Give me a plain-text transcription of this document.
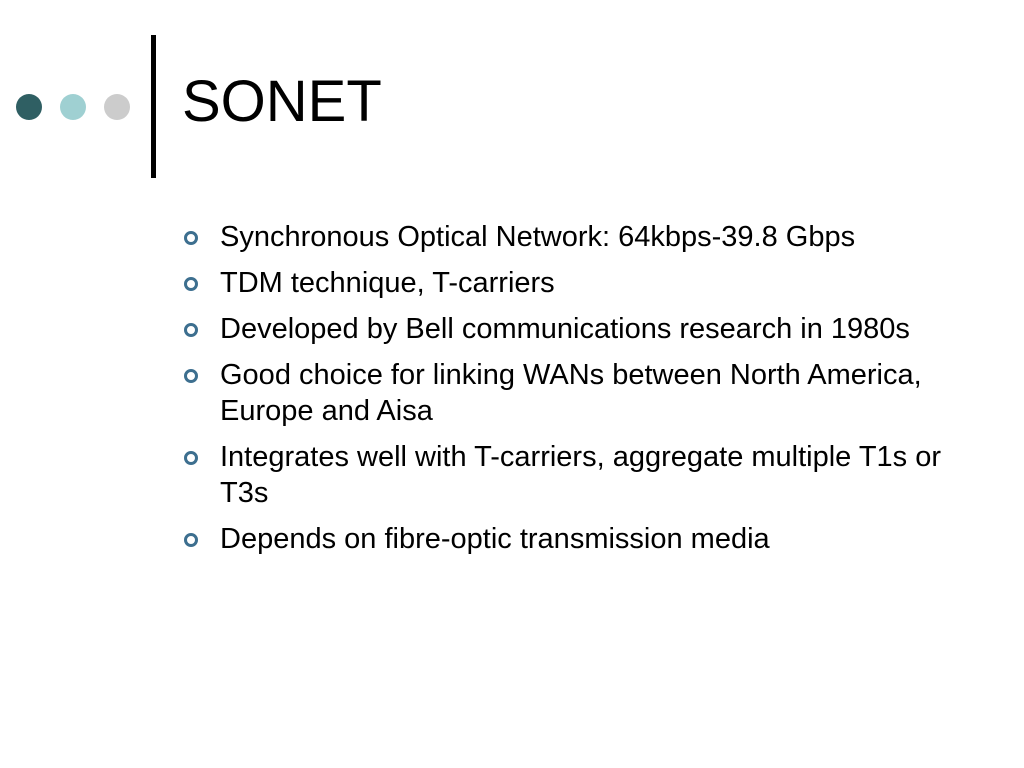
SONET
Synchronous Optical Network: 64kbps-39.8 Gbps
TDM technique, T-carriers
Developed by Bell communications research in 1980s
Good choice for linking WANs between North America, Europe and Aisa
Integrates well with T-carriers, aggregate multiple T1s or T3s
Depends on fibre-optic transmission media
